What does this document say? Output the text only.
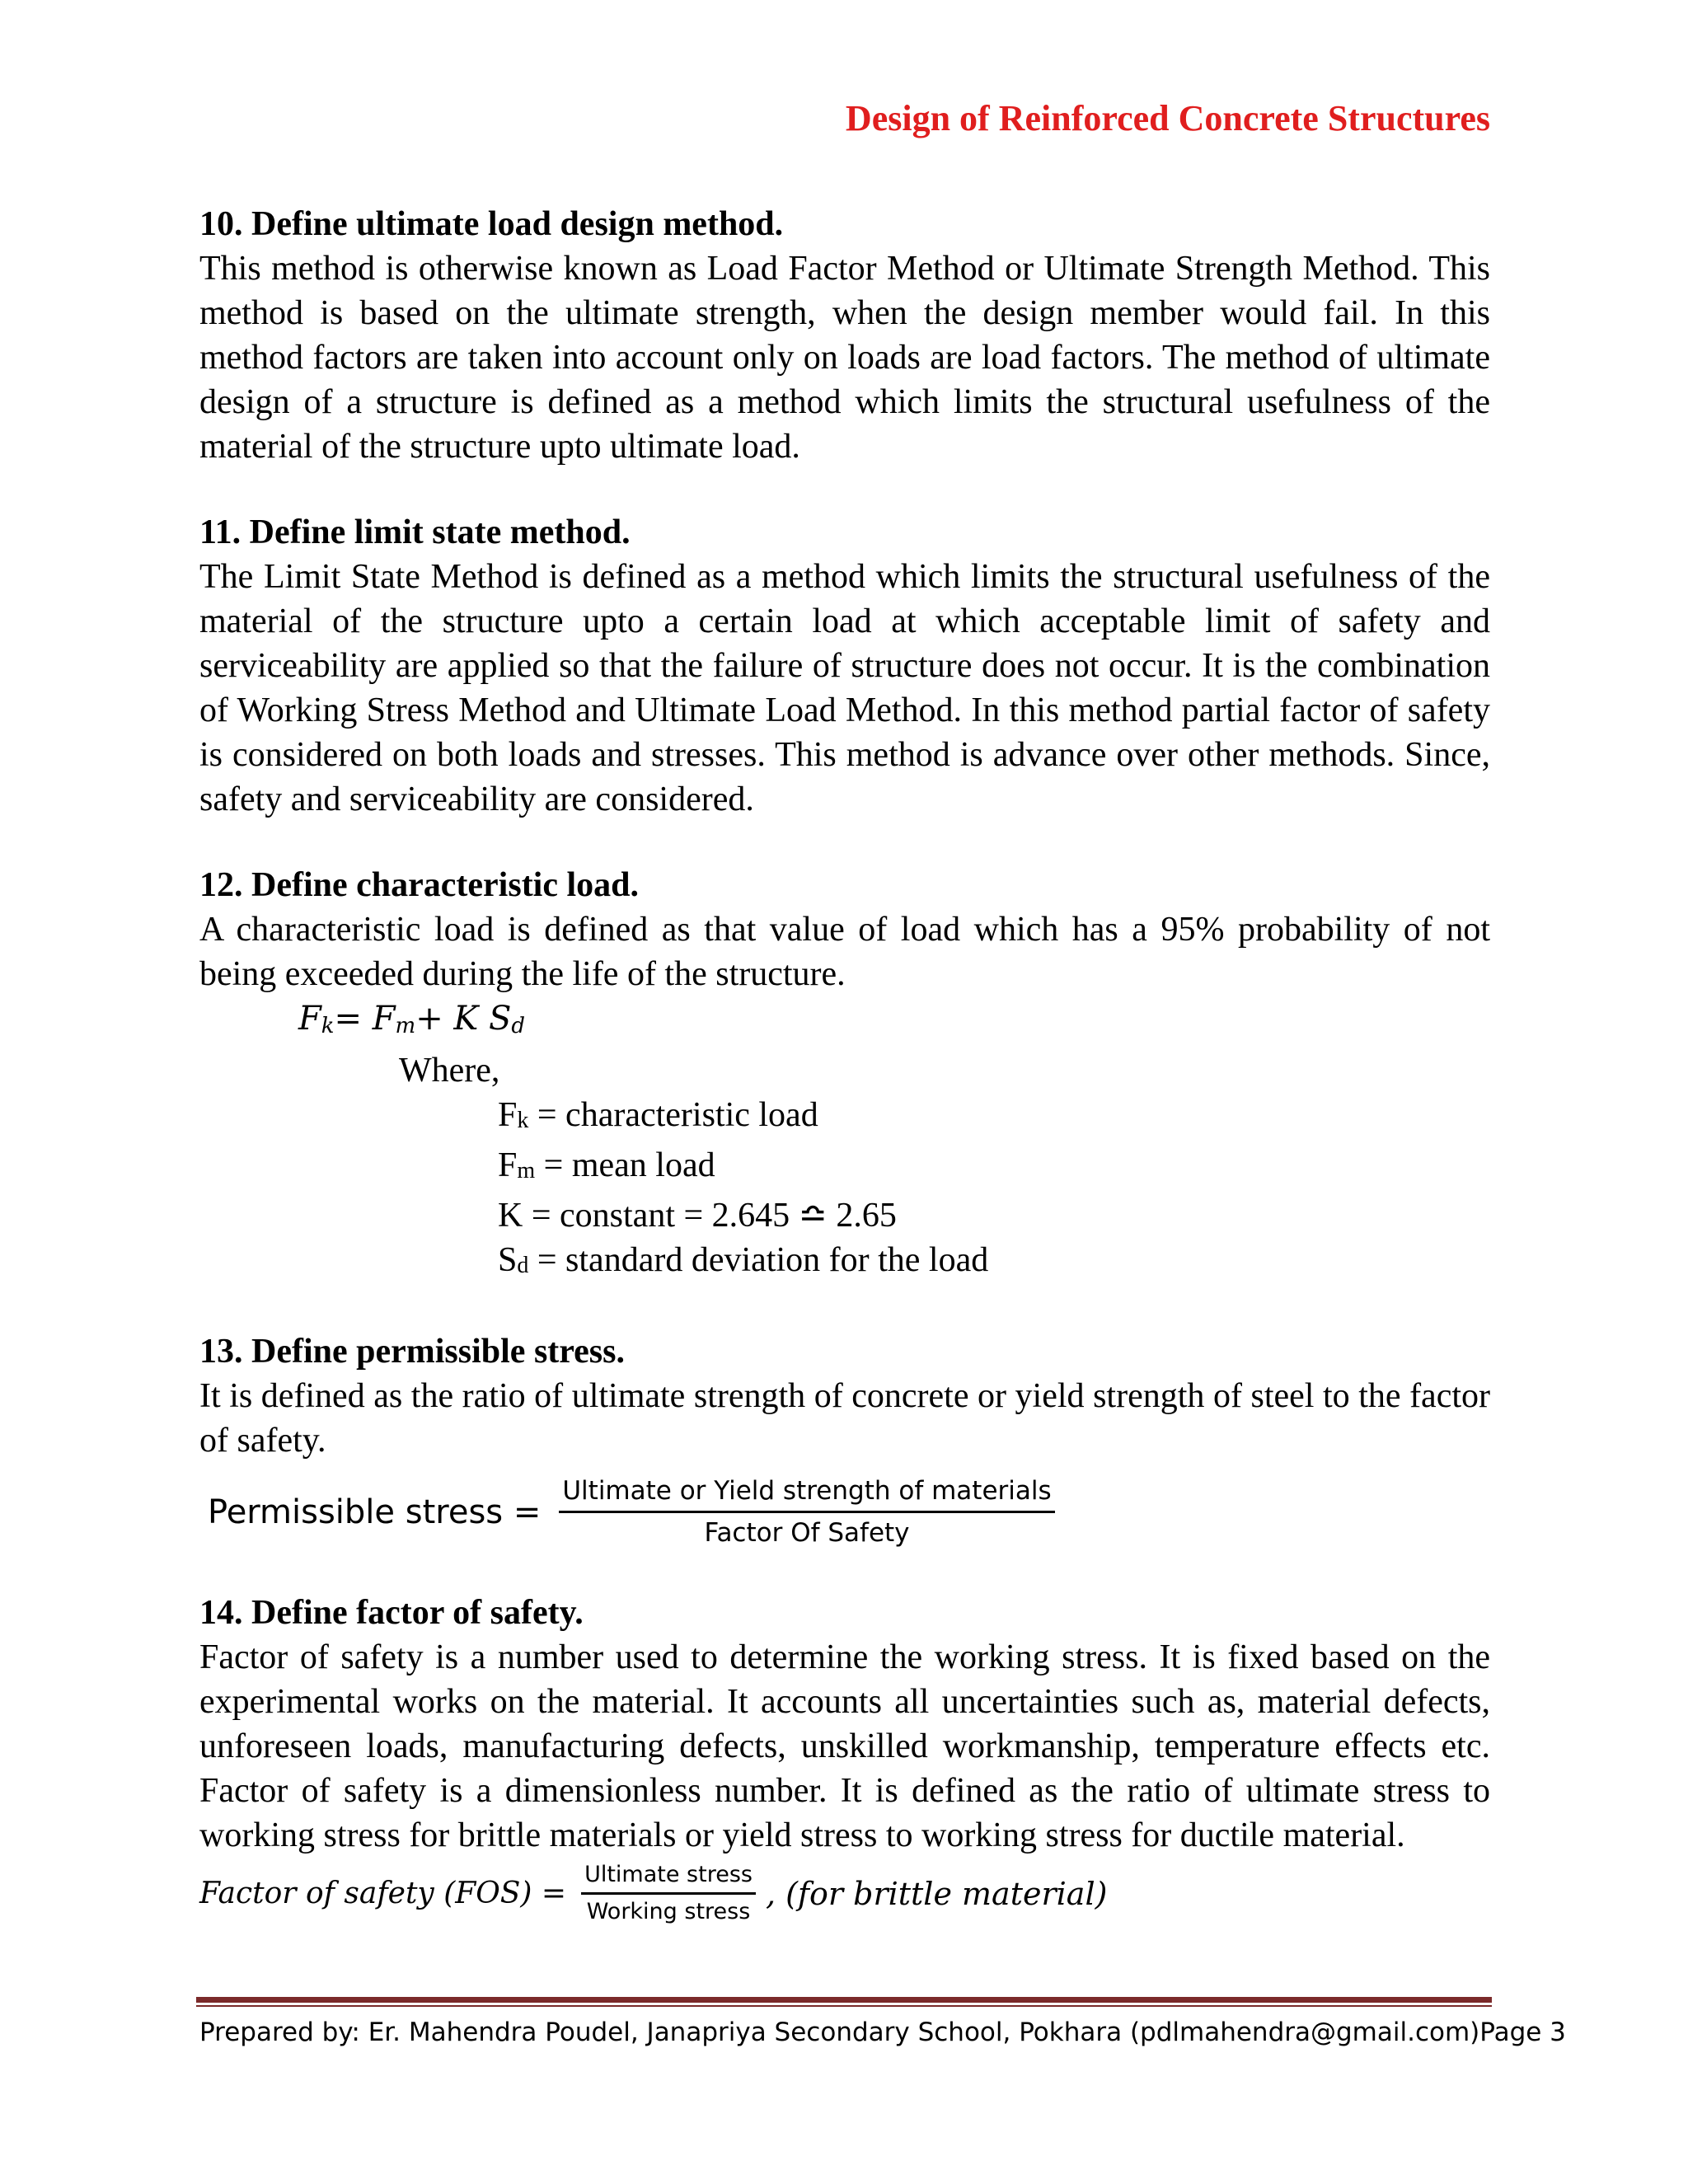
Design of Reinforced Concrete Structures

10. Define ultimate load design method.

This method is otherwise known as Load Factor Method or Ultimate Strength Method. This method is based on the ultimate strength, when the design member would fail. In this method factors are taken into account only on loads are load factors. The method of ultimate design of a structure is defined as a method which limits the structural usefulness of the material of the structure upto ultimate load.

11. Define limit state method.

The Limit State Method is defined as a method which limits the structural usefulness of the material of the structure upto a certain load at which acceptable limit of safety and serviceability are applied so that the failure of structure does not occur. It is the combination of Working Stress Method and Ultimate Load Method. In this method partial factor of safety is considered on both loads and stresses. This method is advance over other methods. Since, safety and serviceability are considered.

12. Define characteristic load.

A characteristic load is defined as that value of load which has a 95% probability of not being exceeded during the life of the structure.

$F_k= F_m+ K$ $S_d$
Where,
$F_k$ = characteristic load
$F_m$ = mean load
K = constant = 2.645 ≏ 2.65
$S_d$ = standard deviation for the load

13. Define permissible stress.

It is defined as the ratio of ultimate strength of concrete or yield strength of steel to the factor of safety.

Permissible stress = $\frac{\text{Ultimate or Yield strength of materials}}{\text{Factor Of Safety}}$

14. Define factor of safety.

Factor of safety is a number used to determine the working stress. It is fixed based on the experimental works on the material. It accounts all uncertainties such as, material defects, unforeseen loads, manufacturing defects, unskilled workmanship, temperature effects etc. Factor of safety is a dimensionless number. It is defined as the ratio of ultimate stress to working stress for brittle materials or yield stress to working stress for ductile material.

Factor of safety $(FOS) = \frac{\text{Ultimate stress}}{\text{Working stress}}$ , (for brittle material)
Prepared by: Er. Mahendra Poudel, Janapriya Secondary School, Pokhara (pdlmahendra@gmail.com) Page 3
